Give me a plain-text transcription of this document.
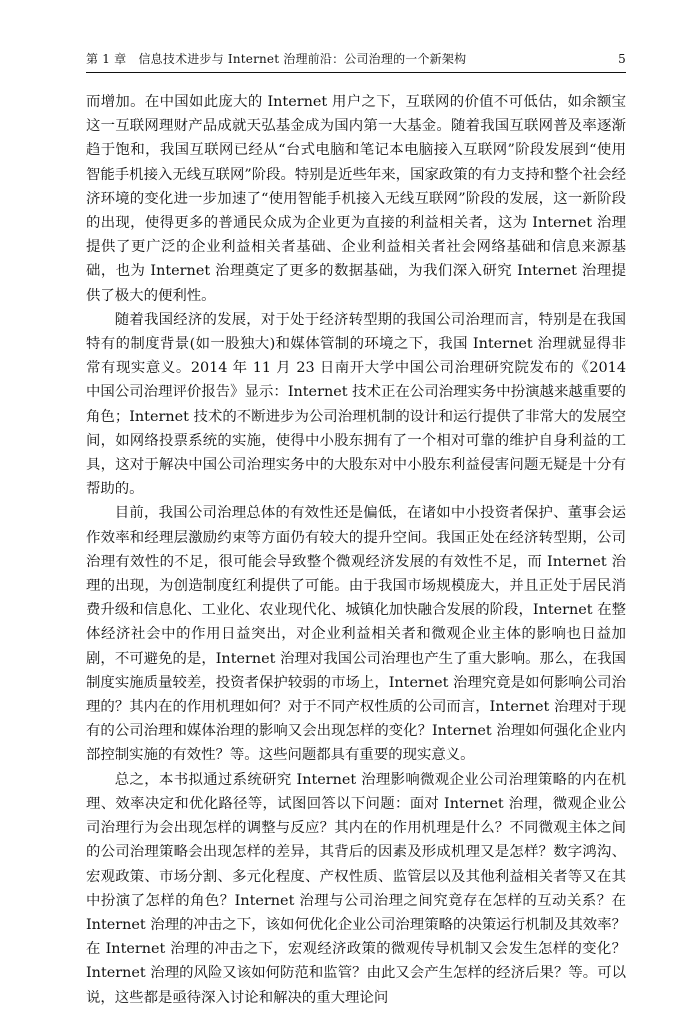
第 1 章　信息技术进步与 Internet 治理前沿：公司治理的一个新架构	5

而增加。在中国如此庞大的 Internet 用户之下，互联网的价值不可低估，如余额宝这一互联网理财产品成就天弘基金成为国内第一大基金。随着我国互联网普及率逐渐趋于饱和，我国互联网已经从“台式电脑和笔记本电脑接入互联网”阶段发展到“使用智能手机接入无线互联网”阶段。特别是近些年来，国家政策的有力支持和整个社会经济环境的变化进一步加速了“使用智能手机接入无线互联网”阶段的发展，这一新阶段的出现，使得更多的普通民众成为企业更为直接的利益相关者，这为 Internet 治理提供了更广泛的企业利益相关者基础、企业利益相关者社会网络基础和信息来源基础，也为 Internet 治理奠定了更多的数据基础，为我们深入研究 Internet 治理提供了极大的便利性。

随着我国经济的发展，对于处于经济转型期的我国公司治理而言，特别是在我国特有的制度背景(如一股独大)和媒体管制的环境之下，我国 Internet 治理就显得非常有现实意义。2014 年 11 月 23 日南开大学中国公司治理研究院发布的《2014 中国公司治理评价报告》显示：Internet 技术正在公司治理实务中扮演越来越重要的角色；Internet 技术的不断进步为公司治理机制的设计和运行提供了非常大的发展空间，如网络投票系统的实施，使得中小股东拥有了一个相对可靠的维护自身利益的工具，这对于解决中国公司治理实务中的大股东对中小股东利益侵害问题无疑是十分有帮助的。

目前，我国公司治理总体的有效性还是偏低，在诸如中小投资者保护、董事会运作效率和经理层激励约束等方面仍有较大的提升空间。我国正处在经济转型期，公司治理有效性的不足，很可能会导致整个微观经济发展的有效性不足，而 Internet 治理的出现，为创造制度红利提供了可能。由于我国市场规模庞大，并且正处于居民消费升级和信息化、工业化、农业现代化、城镇化加快融合发展的阶段，Internet 在整体经济社会中的作用日益突出，对企业利益相关者和微观企业主体的影响也日益加剧，不可避免的是，Internet 治理对我国公司治理也产生了重大影响。那么，在我国制度实施质量较差，投资者保护较弱的市场上，Internet 治理究竟是如何影响公司治理的？其内在的作用机理如何？对于不同产权性质的公司而言，Internet 治理对于现有的公司治理和媒体治理的影响又会出现怎样的变化？Internet 治理如何强化企业内部控制实施的有效性？等。这些问题都具有重要的现实意义。

总之，本书拟通过系统研究 Internet 治理影响微观企业公司治理策略的内在机理、效率决定和优化路径等，试图回答以下问题：面对 Internet 治理，微观企业公司治理行为会出现怎样的调整与反应？其内在的作用机理是什么？不同微观主体之间的公司治理策略会出现怎样的差异，其背后的因素及形成机理又是怎样？数字鸿沟、宏观政策、市场分割、多元化程度、产权性质、监管层以及其他利益相关者等又在其中扮演了怎样的角色？Internet 治理与公司治理之间究竟存在怎样的互动关系？在 Internet 治理的冲击之下，该如何优化企业公司治理策略的决策运行机制及其效率？在 Internet 治理的冲击之下，宏观经济政策的微观传导机制又会发生怎样的变化？Internet 治理的风险又该如何防范和监管？由此又会产生怎样的经济后果？等。可以说，这些都是亟待深入讨论和解决的重大理论问
